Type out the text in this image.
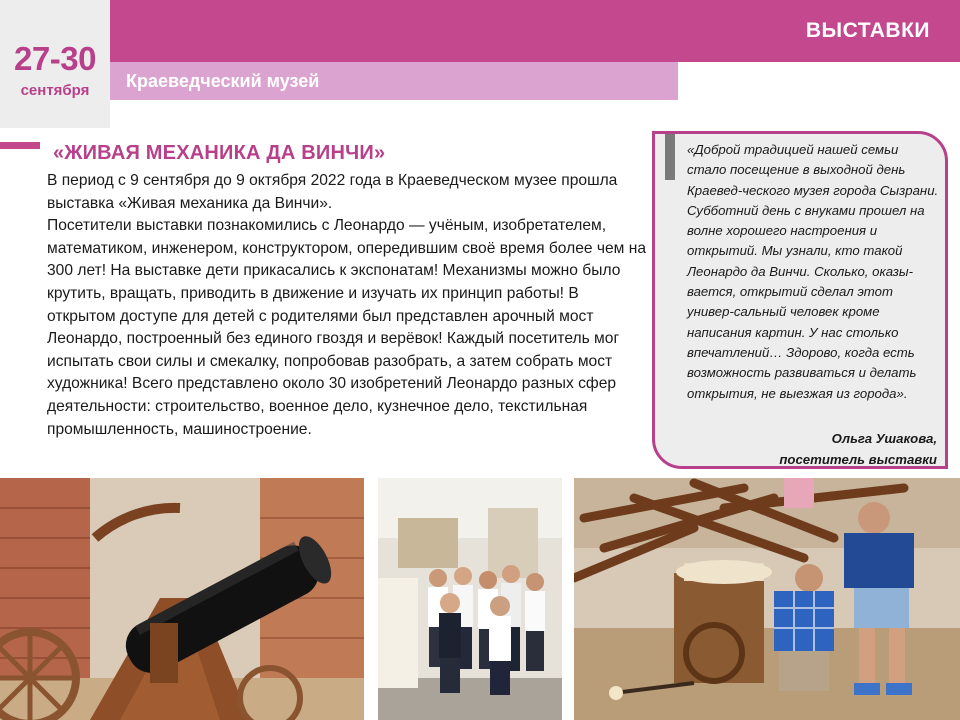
27-30
сентября
ВЫСТАВКИ
Краеведческий музей
«ЖИВАЯ МЕХАНИКА ДА ВИНЧИ»

В период с 9 сентября до 9 октября 2022 года в Краеведческом музее прошла выставка «Живая механика да Винчи».

Посетители выставки познакомились с Леонардо — учёным, изобретателем, математиком, инженером, конструктором, опередившим своё время более чем на 300 лет! На выставке дети прикасались к экспонатам! Механизмы можно было крутить, вращать, приводить в движение и изучать их принцип работы! В открытом доступе для детей с родителями был представлен арочный мост Леонардо, построенный без единого гвоздя и верёвок! Каждый посетитель мог испытать свои силы и смекалку, попробовав разобрать, а затем собрать мост художника! Всего представлено около 30 изобретений Леонардо разных сфер деятельности: строительство, военное дело, кузнечное дело, текстильная промышленность, машиностроение.

«Доброй традицией нашей семьи стало посещение в выходной день Краевед-ческого музея города Сызрани. Субботний день с внуками прошел на волне хорошего настроения и открытий. Мы узнали, кто такой Леонардо да Винчи. Сколько, оказы-вается, открытий сделал этот универ-сальный человек кроме написания картин. У нас столько впечатлений… Здорово, когда есть возможность развиваться и делать открытия, не выезжая из города».
Ольга Ушакова,
посетитель выставки
